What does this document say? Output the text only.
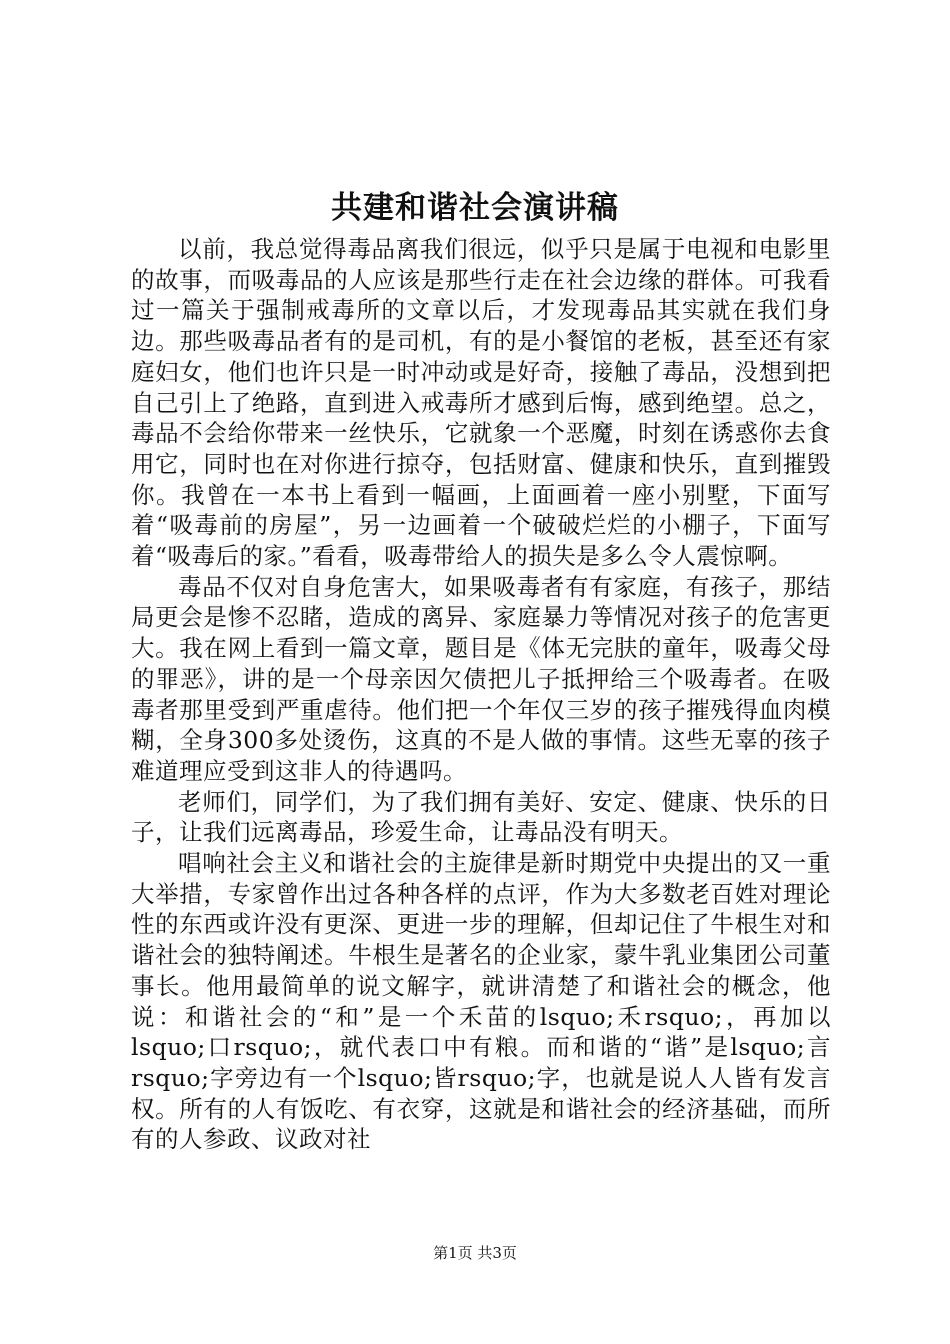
共建和谐社会演讲稿

以前，我总觉得毒品离我们很远，似乎只是属于电视和电影里的故事，而吸毒品的人应该是那些行走在社会边缘的群体。可我看过一篇关于强制戒毒所的文章以后，才发现毒品其实就在我们身边。那些吸毒品者有的是司机，有的是小餐馆的老板，甚至还有家庭妇女，他们也许只是一时冲动或是好奇，接触了毒品，没想到把自己引上了绝路，直到进入戒毒所才感到后悔，感到绝望。总之，毒品不会给你带来一丝快乐，它就象一个恶魔，时刻在诱惑你去食用它，同时也在对你进行掠夺，包括财富、健康和快乐，直到摧毁你。我曾在一本书上看到一幅画，上面画着一座小别墅，下面写着“吸毒前的房屋”，另一边画着一个破破烂烂的小棚子，下面写着“吸毒后的家。”看看，吸毒带给人的损失是多么令人震惊啊。

毒品不仅对自身危害大，如果吸毒者有有家庭，有孩子，那结局更会是惨不忍睹，造成的离异、家庭暴力等情况对孩子的危害更大。我在网上看到一篇文章，题目是《体无完肤的童年，吸毒父母的罪恶》，讲的是一个母亲因欠债把儿子抵押给三个吸毒者。在吸毒者那里受到严重虐待。他们把一个年仅三岁的孩子摧残得血肉模糊，全身300多处烫伤，这真的不是人做的事情。这些无辜的孩子难道理应受到这非人的待遇吗。

老师们，同学们，为了我们拥有美好、安定、健康、快乐的日子，让我们远离毒品，珍爱生命，让毒品没有明天。

唱响社会主义和谐社会的主旋律是新时期党中央提出的又一重大举措，专家曾作出过各种各样的点评，作为大多数老百姓对理论性的东西或许没有更深、更进一步的理解，但却记住了牛根生对和谐社会的独特阐述。牛根生是著名的企业家，蒙牛乳业集团公司董事长。他用最简单的说文解字，就讲清楚了和谐社会的概念，他说：和谐社会的“和”是一个禾苗的lsquo;禾rsquo;，再加以lsquo;口rsquo;，就代表口中有粮。而和谐的“谐”是lsquo;言rsquo;字旁边有一个lsquo;皆rsquo;字，也就是说人人皆有发言权。所有的人有饭吃、有衣穿，这就是和谐社会的经济基础，而所有的人参政、议政对社

第1页 共3页
